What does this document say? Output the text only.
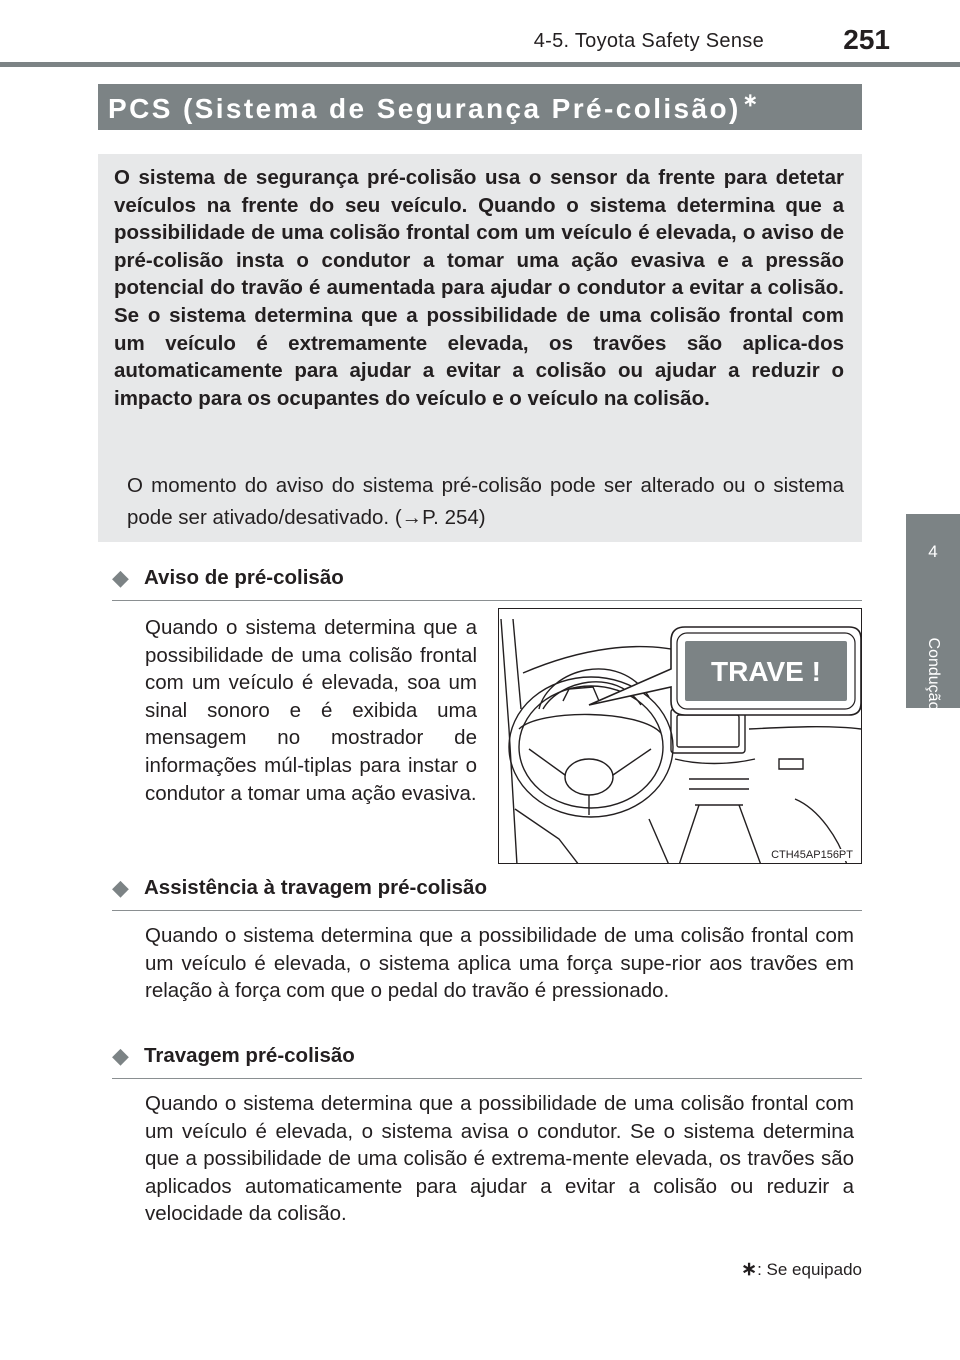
4-5. Toyota Safety Sense	251
4
Condução
PCS (Sistema de Segurança Pré-colisão) ∗
O sistema de segurança pré-colisão usa o sensor da frente para detetar veículos na frente do seu veículo. Quando o sistema determina que a possibilidade de uma colisão frontal com um veículo é elevada, o aviso de pré-colisão insta o condutor a tomar uma ação evasiva e a pressão potencial do travão é aumentada para ajudar o condutor a evitar a colisão. Se o sistema determina que a possibilidade de uma colisão frontal com um veículo é extremamente elevada, os travões são aplica-dos automaticamente para ajudar a evitar a colisão ou ajudar a reduzir o impacto para os ocupantes do veículo e o veículo na colisão.
O momento do aviso do sistema pré-colisão pode ser alterado ou o sistema pode ser ativado/desativado. (→P. 254)
◆ Aviso de pré-colisão
Quando o sistema determina que a possibilidade de uma colisão frontal com um veículo é elevada, soa um sinal sonoro e é exibida uma mensagem no mostrador de informações múl-tiplas para instar o condutor a tomar uma ação evasiva.
TRAVE !
CTH45AP156PT
◆ Assistência à travagem pré-colisão
Quando o sistema determina que a possibilidade de uma colisão frontal com um veículo é elevada, o sistema aplica uma força supe-rior aos travões em relação à força com que o pedal do travão é pressionado.
◆ Travagem pré-colisão
Quando o sistema determina que a possibilidade de uma colisão frontal com um veículo é elevada, o sistema avisa o condutor. Se o sistema determina que a possibilidade de uma colisão é extrema-mente elevada, os travões são aplicados automaticamente para ajudar a evitar a colisão ou reduzir a velocidade da colisão.
∗: Se equipado
